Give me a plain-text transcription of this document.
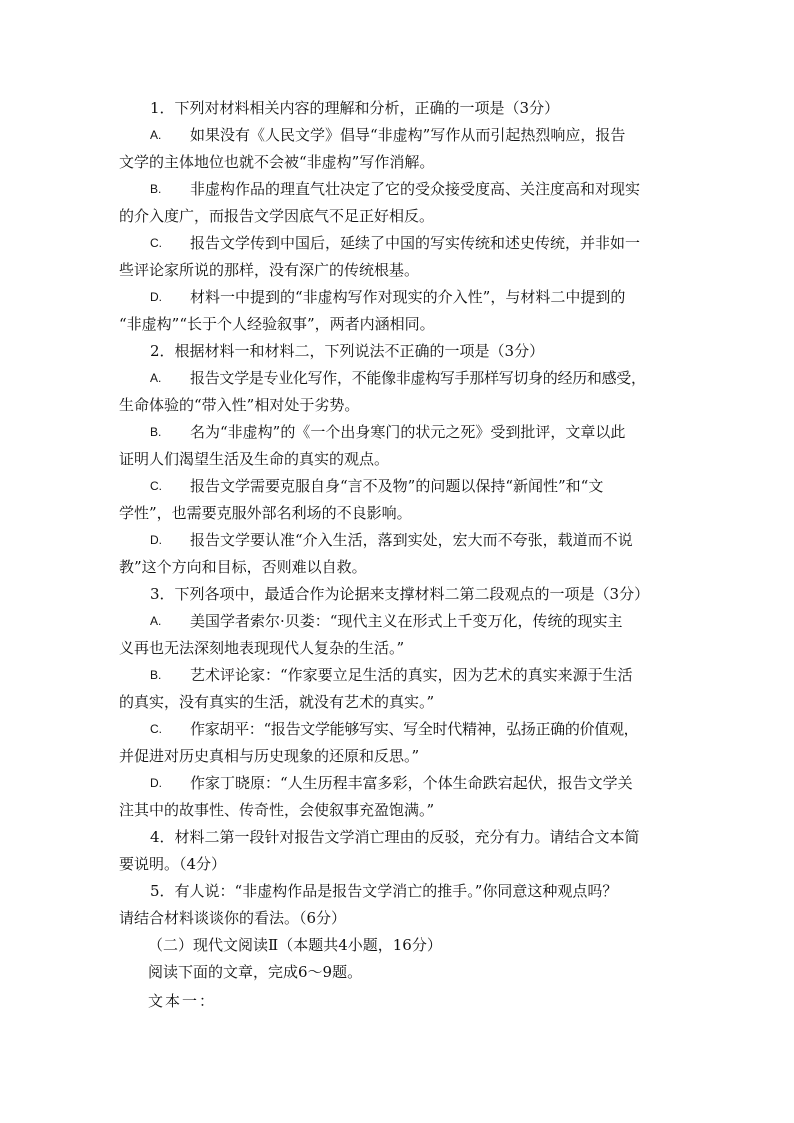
1．下列对材料相关内容的理解和分析，正确的一项是（3分）
A. 如果没有《人民文学》倡导“非虚构”写作从而引起热烈响应，报告
文学的主体地位也就不会被“非虚构”写作消解。
B. 非虚构作品的理直气壮决定了它的受众接受度高、关注度高和对现实
的介入度广，而报告文学因底气不足正好相反。
C. 报告文学传到中国后，延续了中国的写实传统和述史传统，并非如一
些评论家所说的那样，没有深广的传统根基。
D. 材料一中提到的“非虚构写作对现实的介入性”，与材料二中提到的
“非虚构”“长于个人经验叙事”，两者内涵相同。
2．根据材料一和材料二，下列说法不正确的一项是（3分）
A. 报告文学是专业化写作，不能像非虚构写手那样写切身的经历和感受，
生命体验的“带入性”相对处于劣势。
B. 名为“非虚构”的《一个出身寒门的状元之死》受到批评，文章以此
证明人们渴望生活及生命的真实的观点。
C. 报告文学需要克服自身“言不及物”的问题以保持“新闻性”和“文
学性”，也需要克服外部名利场的不良影响。
D. 报告文学要认准“介入生活，落到实处，宏大而不夸张，载道而不说
教”这个方向和目标，否则难以自救。
3．下列各项中，最适合作为论据来支撑材料二第二段观点的一项是（3分）
A. 美国学者索尔·贝娄：“现代主义在形式上千变万化，传统的现实主
义再也无法深刻地表现现代人复杂的生活。”
B. 艺术评论家：“作家要立足生活的真实，因为艺术的真实来源于生活
的真实，没有真实的生活，就没有艺术的真实。”
C. 作家胡平：“报告文学能够写实、写全时代精神，弘扬正确的价值观，
并促进对历史真相与历史现象的还原和反思。”
D. 作家丁晓原：“人生历程丰富多彩，个体生命跌宕起伏，报告文学关
注其中的故事性、传奇性，会使叙事充盈饱满。”
4．材料二第一段针对报告文学消亡理由的反驳，充分有力。请结合文本简
要说明。（4分）
5．有人说：“非虚构作品是报告文学消亡的推手。”你同意这种观点吗？
请结合材料谈谈你的看法。（6分）
（二）现代文阅读Ⅱ（本题共4小题，16分）
阅读下面的文章，完成6～9题。
文本一：
